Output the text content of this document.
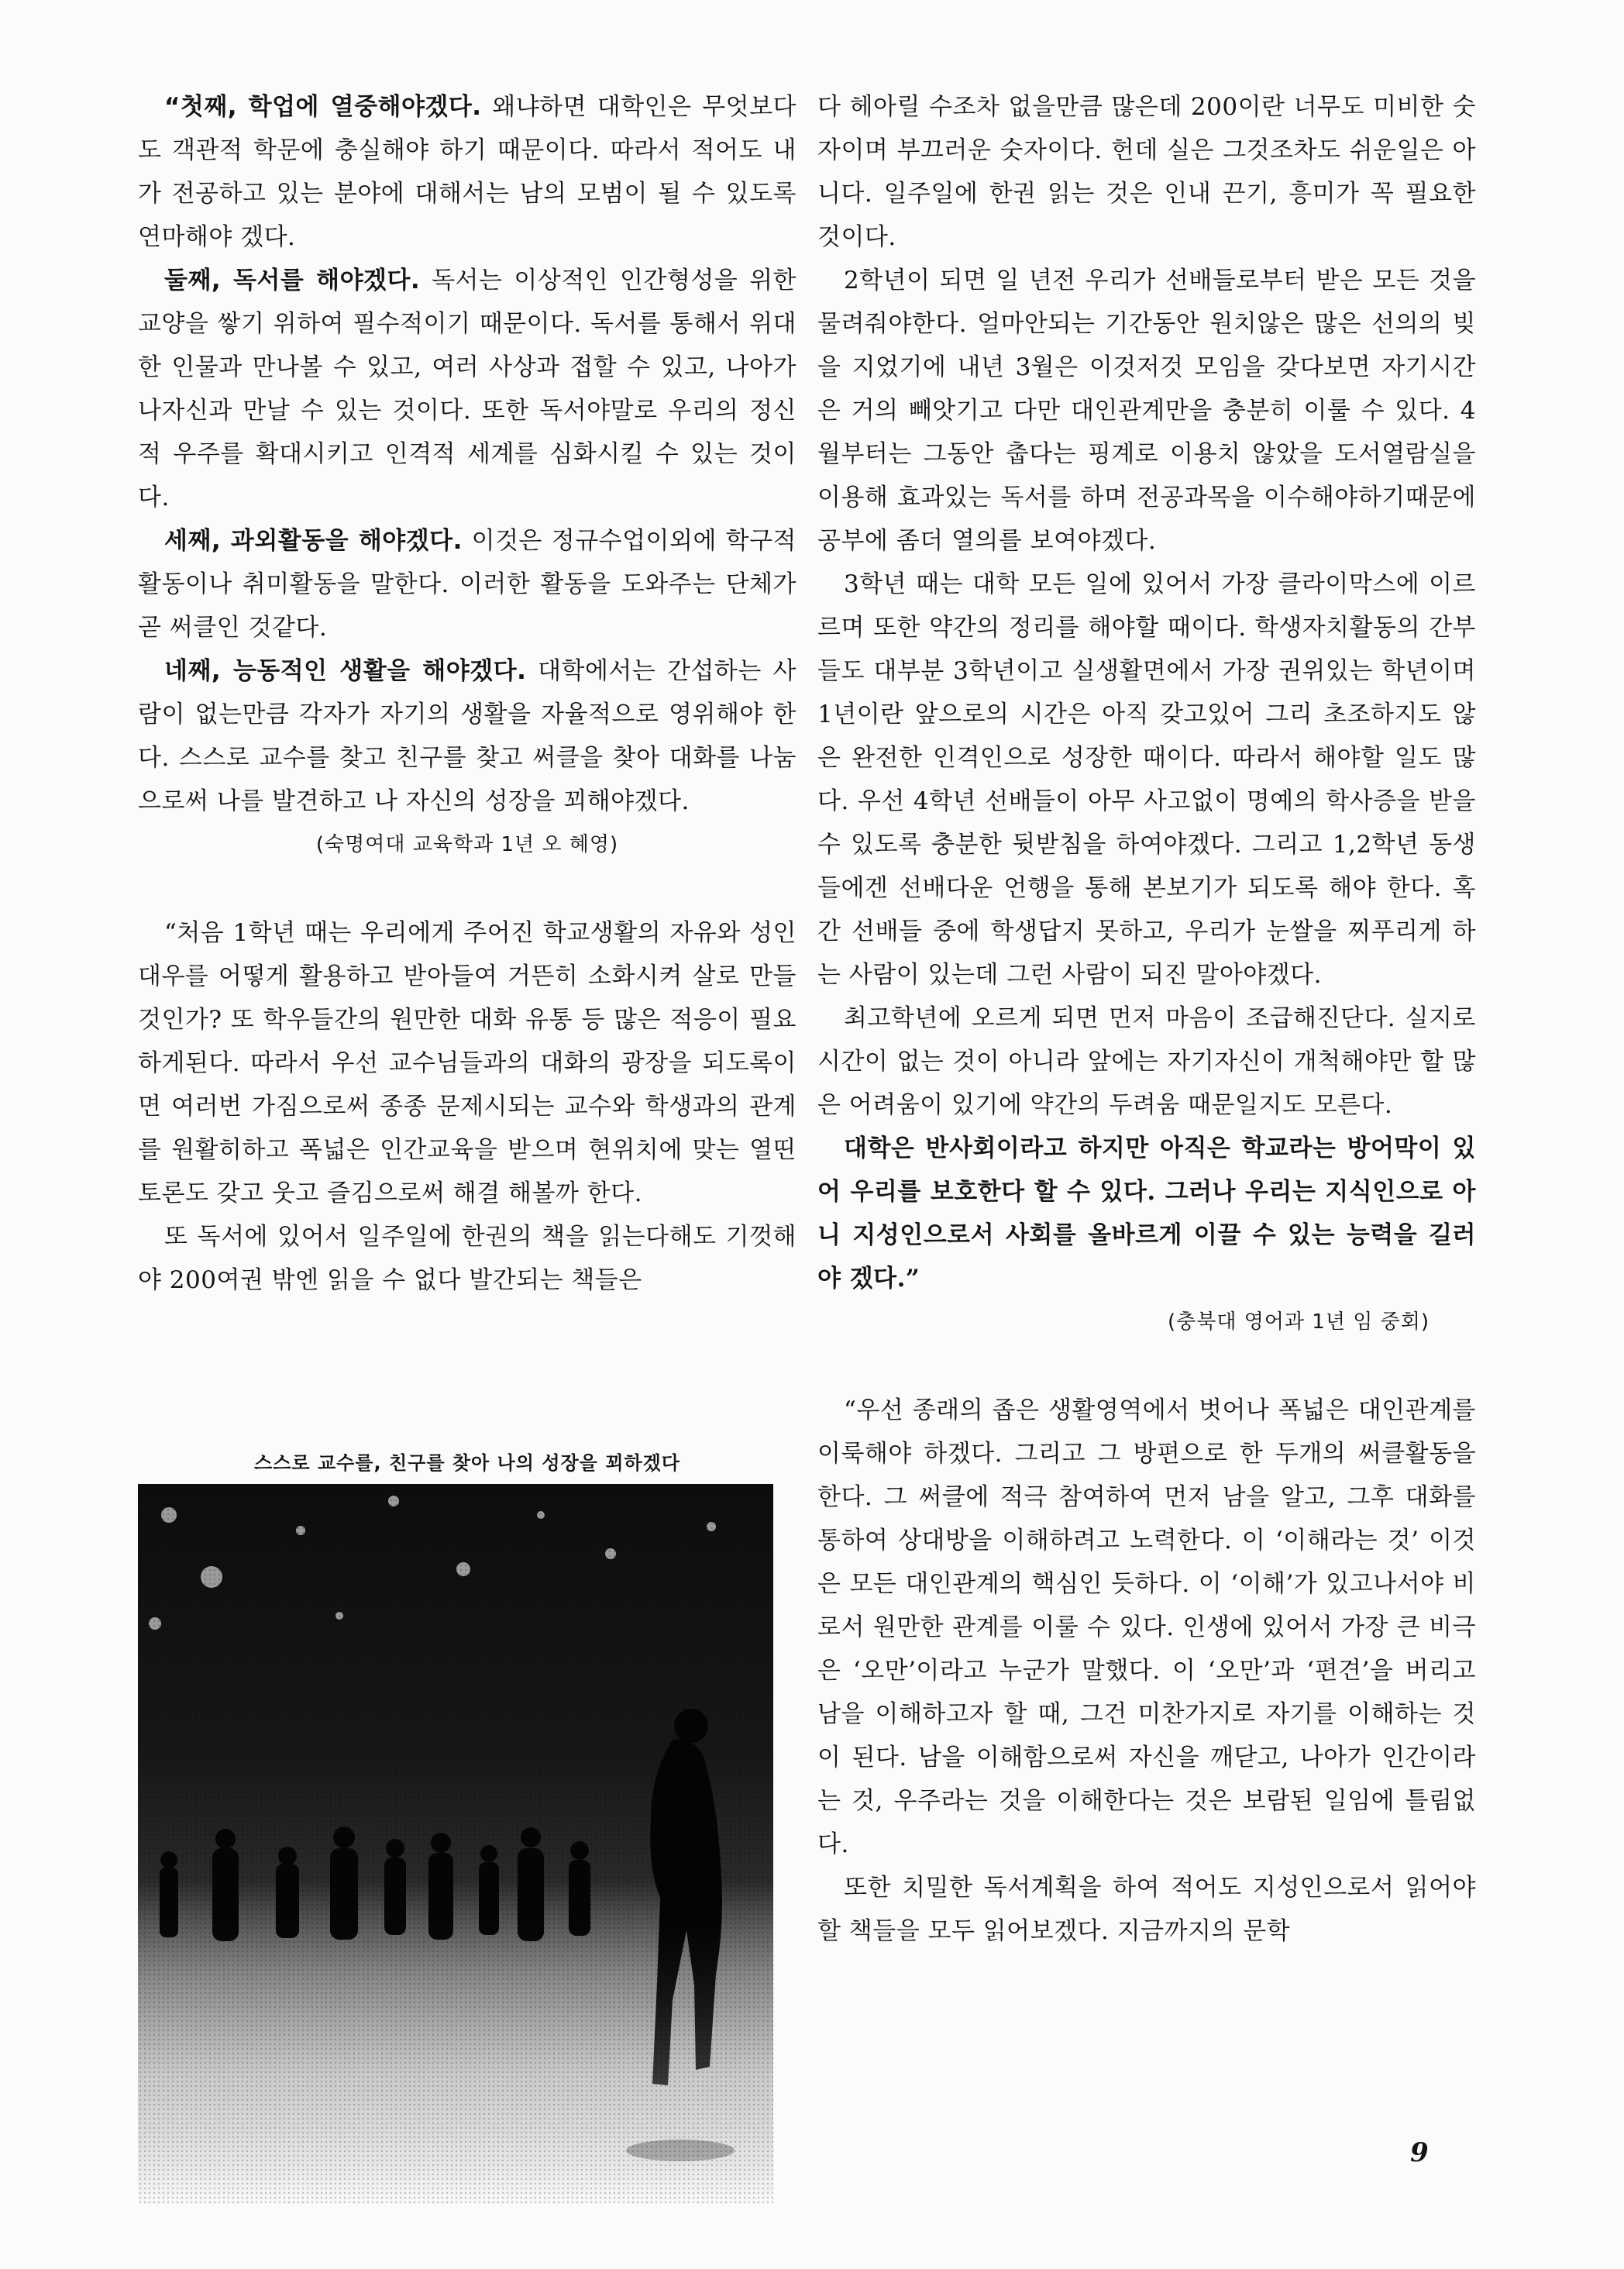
“첫째, 학업에 열중해야겠다. 왜냐하면 대학인은 무엇보다도 객관적 학문에 충실해야 하기 때문이다. 따라서 적어도 내가 전공하고 있는 분야에 대해서는 남의 모범이 될 수 있도록 연마해야 겠다.

둘째, 독서를 해야겠다. 독서는 이상적인 인간형성을 위한 교양을 쌓기 위하여 필수적이기 때문이다. 독서를 통해서 위대한 인물과 만나볼 수 있고, 여러 사상과 접할 수 있고, 나아가 나자신과 만날 수 있는 것이다. 또한 독서야말로 우리의 정신적 우주를 확대시키고 인격적 세계를 심화시킬 수 있는 것이다.

세째, 과외활동을 해야겠다. 이것은 정규수업이외에 학구적 활동이나 취미활동을 말한다. 이러한 활동을 도와주는 단체가 곧 써클인 것같다.

네째, 능동적인 생활을 해야겠다. 대학에서는 간섭하는 사람이 없는만큼 각자가 자기의 생활을 자율적으로 영위해야 한다. 스스로 교수를 찾고 친구를 찾고 써클을 찾아 대화를 나눔으로써 나를 발견하고 나 자신의 성장을 꾀해야겠다.

(숙명여대 교육학과 1년 오 혜영)

“처음 1학년 때는 우리에게 주어진 학교생활의 자유와 성인대우를 어떻게 활용하고 받아들여 거뜬히 소화시켜 살로 만들 것인가? 또 학우들간의 원만한 대화 유통 등 많은 적응이 필요하게된다. 따라서 우선 교수님들과의 대화의 광장을 되도록이면 여러번 가짐으로써 종종 문제시되는 교수와 학생과의 관계를 원활히하고 폭넓은 인간교육을 받으며 현위치에 맞는 열띤 토론도 갖고 웃고 즐김으로써 해결 해볼까 한다.

또 독서에 있어서 일주일에 한권의 책을 읽는다해도 기껏해야 200여권 밖엔 읽을 수 없다 발간되는 책들은

스스로 교수를, 친구를 찾아 나의 성장을 꾀하겠다

다 헤아릴 수조차 없을만큼 많은데 200이란 너무도 미비한 숫자이며 부끄러운 숫자이다. 헌데 실은 그것조차도 쉬운일은 아니다. 일주일에 한권 읽는 것은 인내 끈기, 흥미가 꼭 필요한 것이다.

2학년이 되면 일 년전 우리가 선배들로부터 받은 모든 것을 물려줘야한다. 얼마안되는 기간동안 원치않은 많은 선의의 빚을 지었기에 내년 3월은 이것저것 모임을 갖다보면 자기시간은 거의 빼앗기고 다만 대인관계만을 충분히 이룰 수 있다. 4월부터는 그동안 춥다는 핑계로 이용치 않았을 도서열람실을 이용해 효과있는 독서를 하며 전공과목을 이수해야하기때문에 공부에 좀더 열의를 보여야겠다.

3학년 때는 대학 모든 일에 있어서 가장 클라이막스에 이르르며 또한 약간의 정리를 해야할 때이다. 학생자치활동의 간부들도 대부분 3학년이고 실생활면에서 가장 권위있는 학년이며 1년이란 앞으로의 시간은 아직 갖고있어 그리 초조하지도 않은 완전한 인격인으로 성장한 때이다. 따라서 해야할 일도 많다. 우선 4학년 선배들이 아무 사고없이 명예의 학사증을 받을 수 있도록 충분한 뒷받침을 하여야겠다. 그리고 1,2학년 동생들에겐 선배다운 언행을 통해 본보기가 되도록 해야 한다. 혹간 선배들 중에 학생답지 못하고, 우리가 눈쌀을 찌푸리게 하는 사람이 있는데 그런 사람이 되진 말아야겠다.

최고학년에 오르게 되면 먼저 마음이 조급해진단다. 실지로 시간이 없는 것이 아니라 앞에는 자기자신이 개척해야만 할 많은 어려움이 있기에 약간의 두려움 때문일지도 모른다.

대학은 반사회이라고 하지만 아직은 학교라는 방어막이 있어 우리를 보호한다 할 수 있다. 그러나 우리는 지식인으로 아니 지성인으로서 사회를 올바르게 이끌 수 있는 능력을 길러야 겠다.”

(충북대 영어과 1년 임 중회)

“우선 종래의 좁은 생활영역에서 벗어나 폭넓은 대인관계를 이룩해야 하겠다. 그리고 그 방편으로 한 두개의 써클활동을 한다. 그 써클에 적극 참여하여 먼저 남을 알고, 그후 대화를 통하여 상대방을 이해하려고 노력한다. 이 ‘이해라는 것’ 이것은 모든 대인관계의 핵심인 듯하다. 이 ‘이해’가 있고나서야 비로서 원만한 관계를 이룰 수 있다. 인생에 있어서 가장 큰 비극은 ‘오만’이라고 누군가 말했다. 이 ‘오만’과 ‘편견’을 버리고 남을 이해하고자 할 때, 그건 미찬가지로 자기를 이해하는 것이 된다. 남을 이해함으로써 자신을 깨닫고, 나아가 인간이라는 것, 우주라는 것을 이해한다는 것은 보람된 일임에 틀림없다.

또한 치밀한 독서계획을 하여 적어도 지성인으로서 읽어야 할 책들을 모두 읽어보겠다. 지금까지의 문학

9
